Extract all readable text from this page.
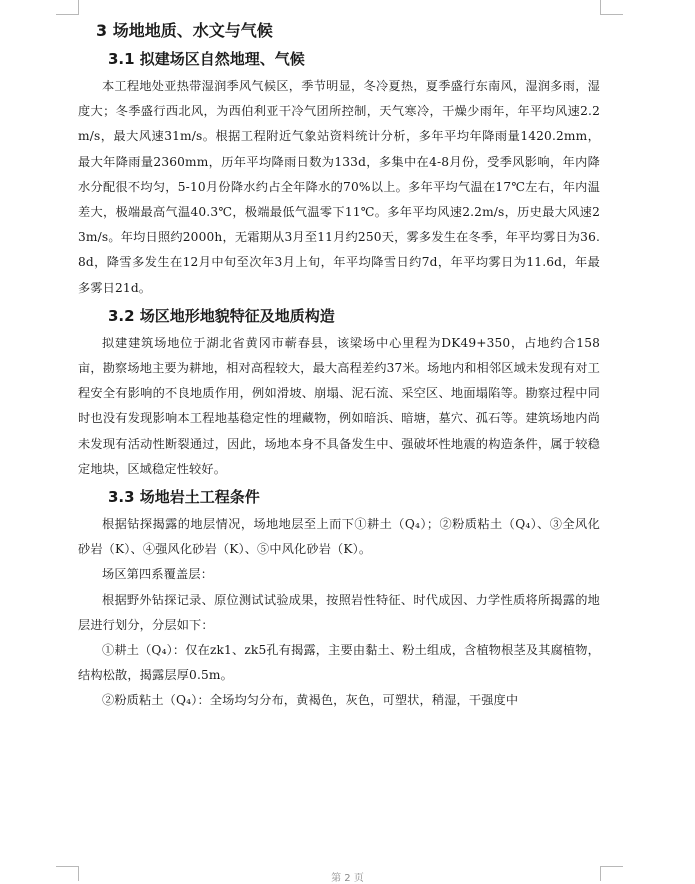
3 场地地质、水文与气候
3.1 拟建场区自然地理、气候

本工程地处亚热带湿润季风气候区，季节明显，冬冷夏热，夏季盛行东南风，湿润多雨，湿度大；冬季盛行西北风，为西伯利亚干冷气团所控制，天气寒冷，干燥少雨年，年平均风速2.2m/s，最大风速31m/s。根据工程附近气象站资料统计分析，多年平均年降雨量1420.2mm，最大年降雨量2360mm，历年平均降雨日数为133d，多集中在4-8月份，受季风影响，年内降水分配很不均匀，5-10月份降水约占全年降水的70%以上。多年平均气温在17℃左右，年内温差大，极端最高气温40.3℃，极端最低气温零下11℃。多年平均风速2.2m/s，历史最大风速23m/s。年均日照约2000h，无霜期从3月至11月约250天，雾多发生在冬季，年平均雾日为36.8d，降雪多发生在12月中旬至次年3月上旬，年平均降雪日约7d，年平均雾日为11.6d，年最多雾日21d。

3.2 场区地形地貌特征及地质构造

拟建建筑场地位于湖北省黄冈市蕲春县，该梁场中心里程为DK49+350，占地约合158亩，勘察场地主要为耕地，相对高程较大，最大高程差约37米。场地内和相邻区域未发现有对工程安全有影响的不良地质作用，例如滑坡、崩塌、泥石流、采空区、地面塌陷等。勘察过程中同时也没有发现影响本工程地基稳定性的埋藏物，例如暗浜、暗塘，墓穴、孤石等。建筑场地内尚未发现有活动性断裂通过，因此，场地本身不具备发生中、强破坏性地震的构造条件，属于较稳定地块，区域稳定性较好。

3.3 场地岩土工程条件

根据钻探揭露的地层情况，场地地层至上而下①耕土（Q₄）；②粉质粘土（Q₄）、③全风化砂岩（K）、④强风化砂岩（K）、⑤中风化砂岩（K）。

场区第四系覆盖层：

根据野外钻探记录、原位测试试验成果，按照岩性特征、时代成因、力学性质将所揭露的地层进行划分，分层如下：

①耕土（Q₄）：仅在zk1、zk5孔有揭露，主要由黏土、粉土组成，含植物根茎及其腐植物，结构松散，揭露层厚0.5m。

②粉质粘土（Q₄）：全场均匀分布，黄褐色，灰色，可塑状，稍湿，干强度中

第 2 页
